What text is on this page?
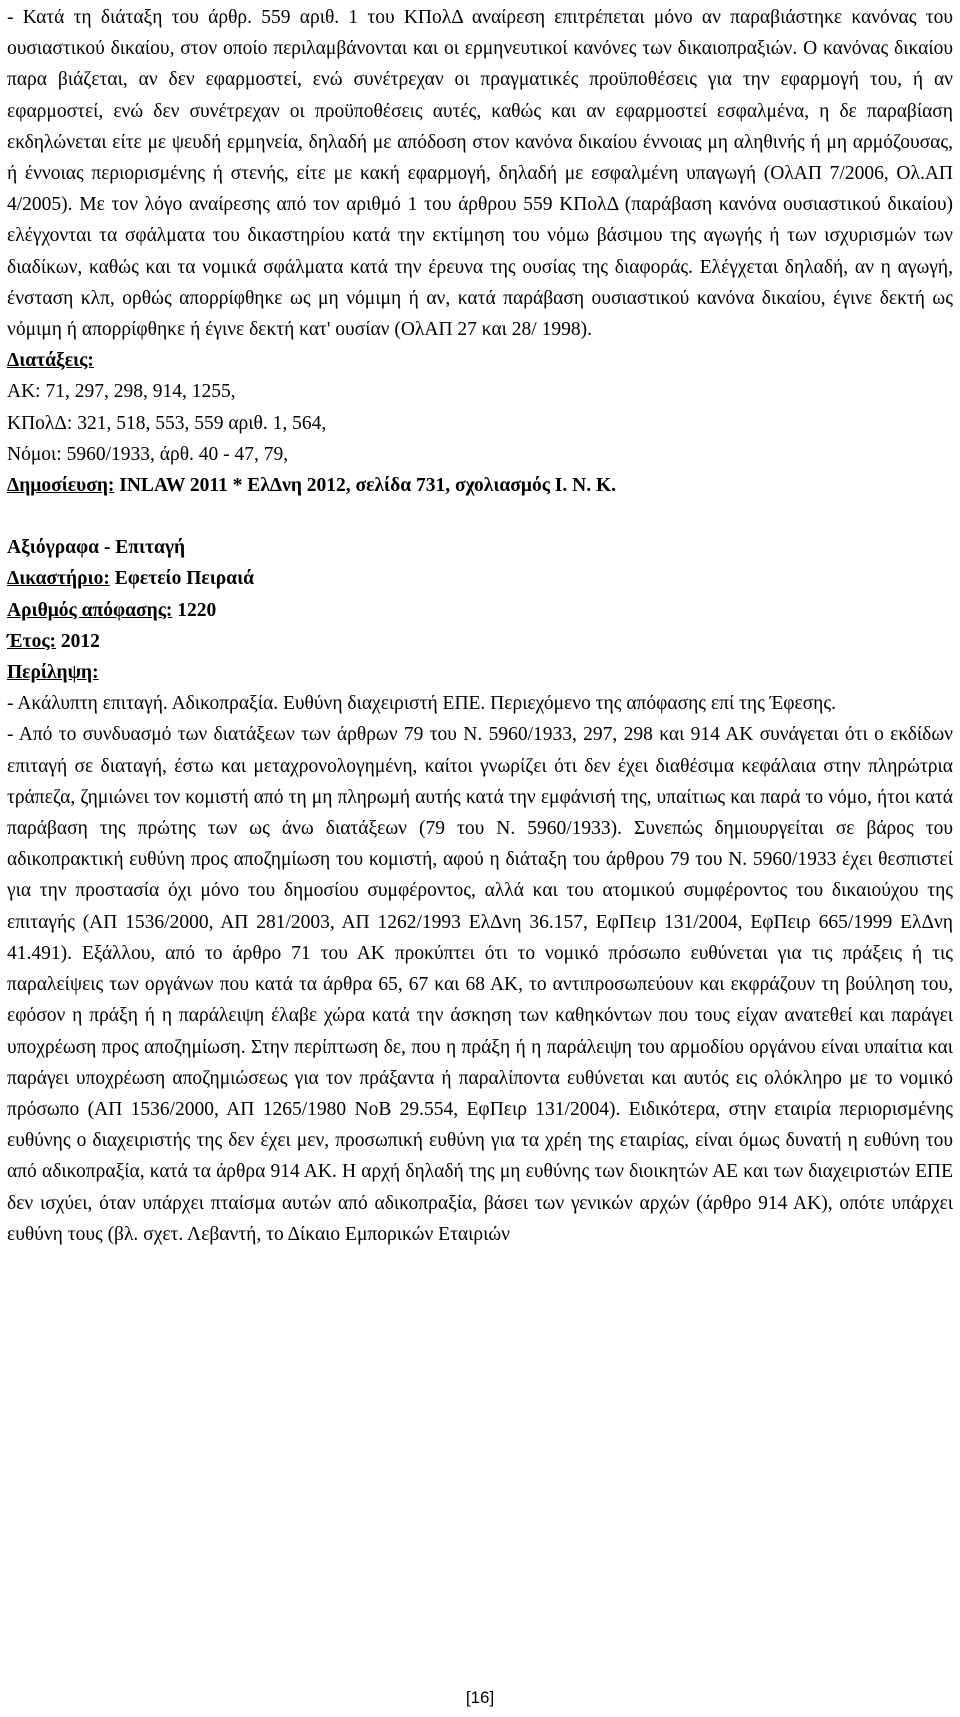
- Κατά τη διάταξη του άρθρ. 559 αριθ. 1 του ΚΠολΔ αναίρεση επιτρέπεται μόνο αν παραβιάστηκε κανόνας του ουσιαστικού δικαίου, στον οποίο περιλαμβάνονται και οι ερμηνευτικοί κανόνες των δικαιοπραξιών. Ο κανόνας δικαίου παρα βιάζεται, αν δεν εφαρμοστεί, ενώ συνέτρεχαν οι πραγματικές προϋποθέσεις για την εφαρμογή του, ή αν εφαρμοστεί, ενώ δεν συνέτρεχαν οι προϋποθέσεις αυτές, καθώς και αν εφαρμοστεί εσφαλμένα, η δε παραβίαση εκδηλώνεται είτε με ψευδή ερμηνεία, δηλαδή με απόδοση στον κανόνα δικαίου έννοιας μη αληθινής ή μη αρμόζουσας, ή έννοιας περιορισμένης ή στενής, είτε με κακή εφαρμογή, δηλαδή με εσφαλμένη υπαγωγή (ΟλΑΠ 7/2006, Ολ.ΑΠ 4/2005). Με τον λόγο αναίρεσης από τον αριθμό 1 του άρθρου 559 ΚΠολΔ (παράβαση κανόνα ουσιαστικού δικαίου) ελέγχονται τα σφάλματα του δικαστηρίου κατά την εκτίμηση του νόμω βάσιμου της αγωγής ή των ισχυρισμών των διαδίκων, καθώς και τα νομικά σφάλματα κατά την έρευνα της ουσίας της διαφοράς. Ελέγχεται δηλαδή, αν η αγωγή, ένσταση κλπ, ορθώς απορρίφθηκε ως μη νόμιμη ή αν, κατά παράβαση ουσιαστικού κανόνα δικαίου, έγινε δεκτή ως νόμιμη ή απορρίφθηκε ή έγινε δεκτή κατ' ουσίαν (ΟλΑΠ 27 και 28/ 1998).

Διατάξεις:

ΑΚ: 71, 297, 298, 914, 1255,

ΚΠολΔ: 321, 518, 553, 559 αριθ. 1, 564,

Νόμοι: 5960/1933, άρθ. 40 - 47, 79,

Δημοσίευση: INLAW 2011 * ΕλΔνη 2012, σελίδα 731, σχολιασμός Ι. Ν. Κ.

Αξιόγραφα - Επιταγή

Δικαστήριο: Εφετείο Πειραιά

Αριθμός απόφασης: 1220

Έτος: 2012

Περίληψη:

- Ακάλυπτη επιταγή. Αδικοπραξία. Ευθύνη διαχειριστή ΕΠΕ. Περιεχόμενο της απόφασης επί της Έφεσης.

- Από το συνδυασμό των διατάξεων των άρθρων 79 του Ν. 5960/1933, 297, 298 και 914 ΑΚ συνάγεται ότι ο εκδίδων επιταγή σε διαταγή, έστω και μεταχρονολογημένη, καίτοι γνωρίζει ότι δεν έχει διαθέσιμα κεφάλαια στην πληρώτρια τράπεζα, ζημιώνει τον κομιστή από τη μη πληρωμή αυτής κατά την εμφάνισή της, υπαίτιως και παρά το νόμο, ήτοι κατά παράβαση της πρώτης των ως άνω διατάξεων (79 του Ν. 5960/1933). Συνεπώς δημιουργείται σε βάρος του αδικοπρακτική ευθύνη προς αποζημίωση του κομιστή, αφού η διάταξη του άρθρου 79 του Ν. 5960/1933 έχει θεσπιστεί για την προστασία όχι μόνο του δημοσίου συμφέροντος, αλλά και του ατομικού συμφέροντος του δικαιούχου της επιταγής (ΑΠ 1536/2000, ΑΠ 281/2003, ΑΠ 1262/1993 ΕλΔνη 36.157, ΕφΠειρ 131/2004, ΕφΠειρ 665/1999 ΕλΔνη 41.491). Εξάλλου, από το άρθρο 71 του ΑΚ προκύπτει ότι το νομικό πρόσωπο ευθύνεται για τις πράξεις ή τις παραλείψεις των οργάνων που κατά τα άρθρα 65, 67 και 68 ΑΚ, το αντιπροσωπεύουν και εκφράζουν τη βούληση του, εφόσον η πράξη ή η παράλειψη έλαβε χώρα κατά την άσκηση των καθηκόντων που τους είχαν ανατεθεί και παράγει υποχρέωση προς αποζημίωση. Στην περίπτωση δε, που η πράξη ή η παράλειψη του αρμοδίου οργάνου είναι υπαίτια και παράγει υποχρέωση αποζημιώσεως για τον πράξαντα ή παραλίποντα ευθύνεται και αυτός εις ολόκληρο με το νομικό πρόσωπο (ΑΠ 1536/2000, ΑΠ 1265/1980 ΝοΒ 29.554, ΕφΠειρ 131/2004). Ειδικότερα, στην εταιρία περιορισμένης ευθύνης ο διαχειριστής της δεν έχει μεν, προσωπική ευθύνη για τα χρέη της εταιρίας, είναι όμως δυνατή η ευθύνη του από αδικοπραξία, κατά τα άρθρα 914 ΑΚ. Η αρχή δηλαδή της μη ευθύνης των διοικητών ΑΕ και των διαχειριστών ΕΠΕ δεν ισχύει, όταν υπάρχει πταίσμα αυτών από αδικοπραξία, βάσει των γενικών αρχών (άρθρο 914 ΑΚ), οπότε υπάρχει ευθύνη τους (βλ. σχετ. Λεβαντή, το Δίκαιο Εμπορικών Εταιριών

[16]
